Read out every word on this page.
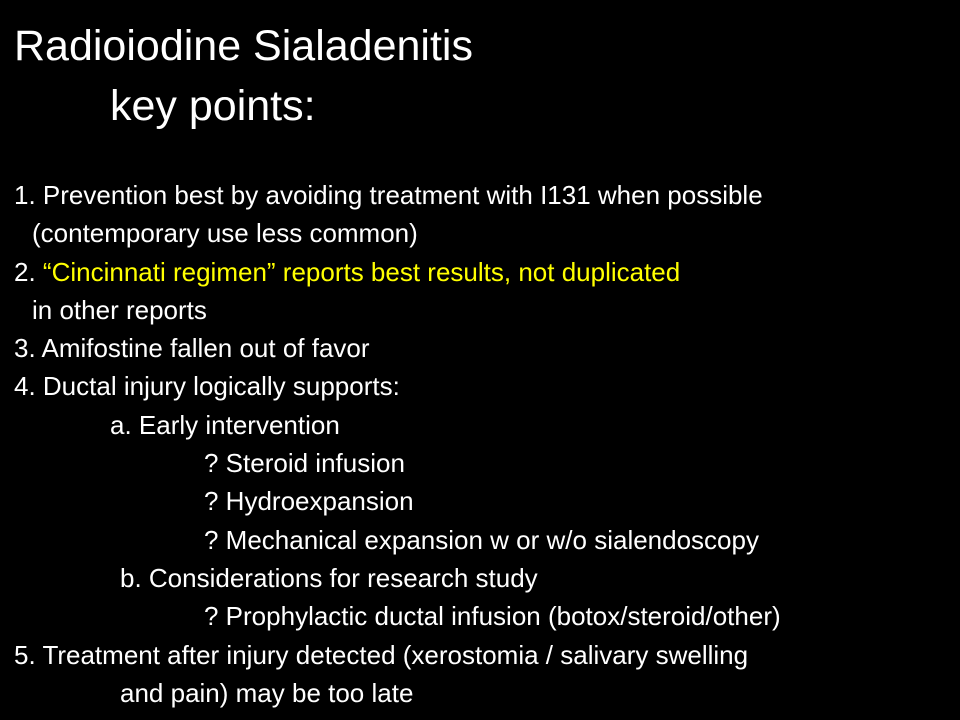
Radioiodine Sialadenitis
key points:
1. Prevention best by avoiding treatment with I131 when possible
(contemporary use less common)
2. “Cincinnati regimen” reports best results, not duplicated
in other reports
3. Amifostine fallen out of favor
4. Ductal injury logically supports:
a. Early intervention
? Steroid infusion
? Hydroexpansion
? Mechanical expansion w or w/o sialendoscopy
b. Considerations for research study
? Prophylactic ductal infusion (botox/steroid/other)
5. Treatment after injury detected (xerostomia / salivary swelling
and pain) may be too late
